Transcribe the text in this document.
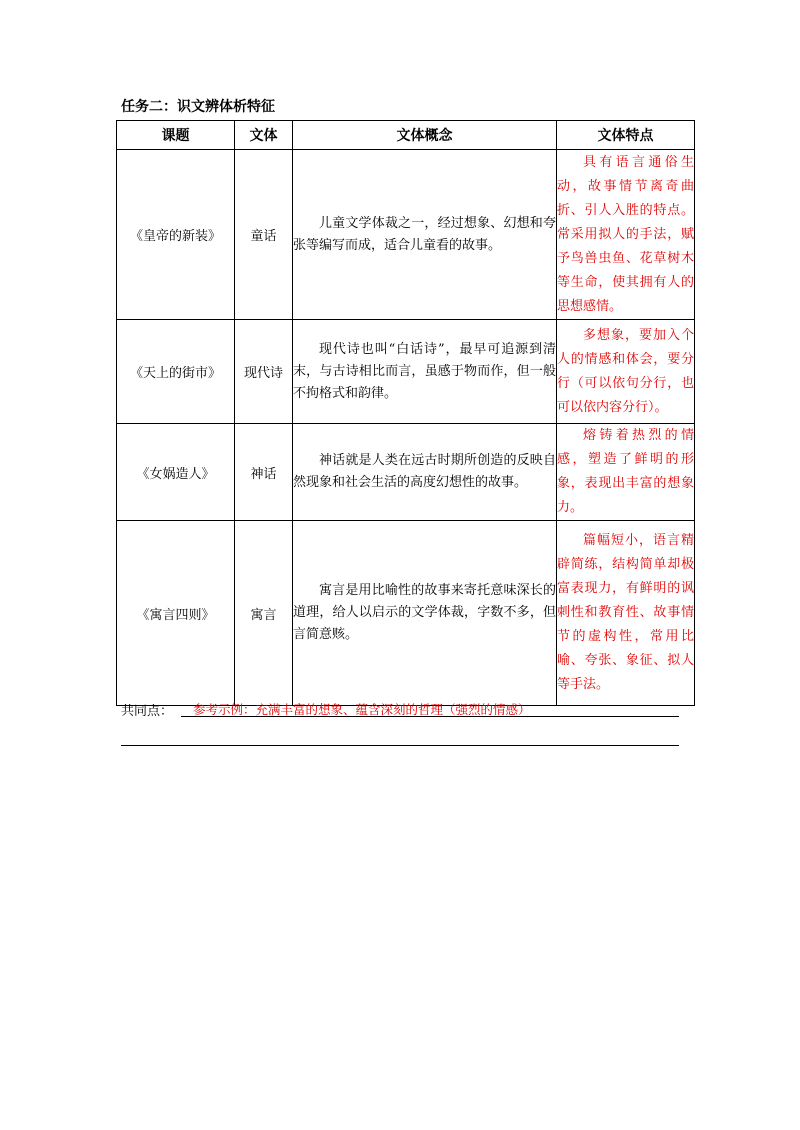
任务二：识文辨体析特征
课题	文体	文体概念	文体特点
《皇帝的新装》	童话	儿童文学体裁之一，经过想象、幻想和夸张等编写而成，适合儿童看的故事。	具有语言通俗生动，故事情节离奇曲折、引人入胜的特点。常采用拟人的手法，赋予鸟兽虫鱼、花草树木等生命，使其拥有人的思想感情。
《天上的街市》	现代诗	现代诗也叫“白话诗”，最早可追源到清末，与古诗相比而言，虽感于物而作，但一般不拘格式和韵律。	多想象，要加入个人的情感和体会，要分行（可以依句分行，也可以依内容分行）。
《女娲造人》	神话	神话就是人类在远古时期所创造的反映自然现象和社会生活的高度幻想性的故事。	熔铸着热烈的情感，塑造了鲜明的形象，表现出丰富的想象力。
《寓言四则》	寓言	寓言是用比喻性的故事来寄托意味深长的道理，给人以启示的文学体裁，字数不多，但言简意赅。	篇幅短小，语言精辟简练，结构简单却极富表现力，有鲜明的讽刺性和教育性、故事情节的虚构性，常用比喻、夸张、象征、拟人等手法。
共同点：	参考示例：充满丰富的想象、蕴含深刻的哲理（强烈的情感）
